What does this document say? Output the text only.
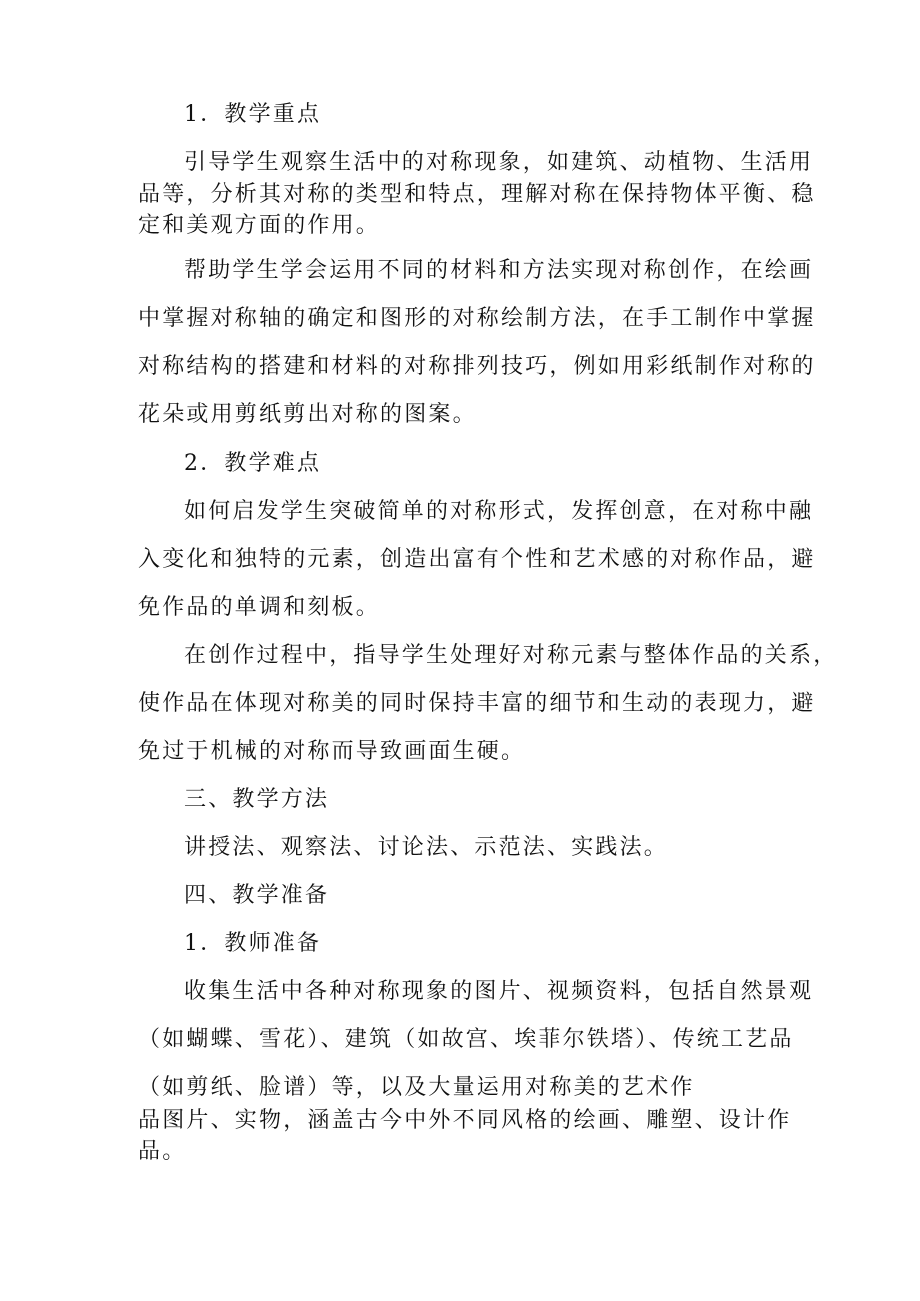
1．教学重点
引导学生观察生活中的对称现象，如建筑、动植物、生活用
品等，分析其对称的类型和特点，理解对称在保持物体平衡、稳
定和美观方面的作用。
帮助学生学会运用不同的材料和方法实现对称创作，在绘画
中掌握对称轴的确定和图形的对称绘制方法，在手工制作中掌握
对称结构的搭建和材料的对称排列技巧，例如用彩纸制作对称的
花朵或用剪纸剪出对称的图案。
2．教学难点
如何启发学生突破简单的对称形式，发挥创意，在对称中融
入变化和独特的元素，创造出富有个性和艺术感的对称作品，避
免作品的单调和刻板。
在创作过程中，指导学生处理好对称元素与整体作品的关系，
使作品在体现对称美的同时保持丰富的细节和生动的表现力，避
免过于机械的对称而导致画面生硬。
三、教学方法
讲授法、观察法、讨论法、示范法、实践法。
四、教学准备
1．教师准备
收集生活中各种对称现象的图片、视频资料，包括自然景观
（如蝴蝶、雪花）、建筑（如故宫、埃菲尔铁塔）、传统工艺品
（如剪纸、脸谱）等，以及大量运用对称美的艺术作
品图片、实物，涵盖古今中外不同风格的绘画、雕塑、设计作
品。
